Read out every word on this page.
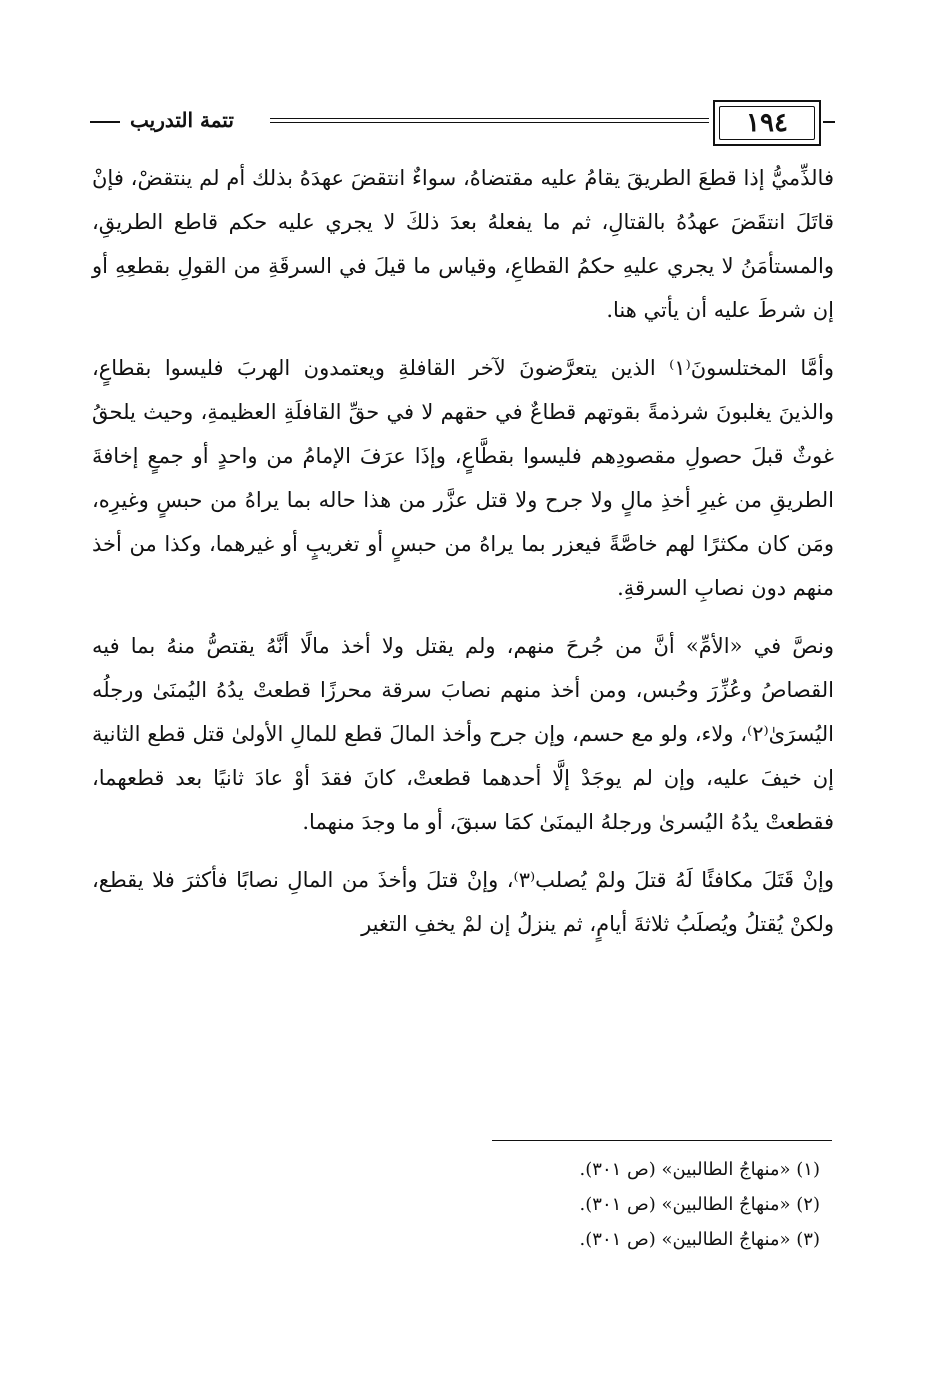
١٩٤
تتمة التدريب

فالذِّميُّ إذا قطعَ الطريقَ يقامُ عليه مقتضاهُ، سواءٌ انتقضَ عهدَهُ بذلك أم لم ينتقضْ، فإنْ قاتَلَ انتقَضَ عهدُهُ بالقتالِ، ثم ما يفعلهُ بعدَ ذلكَ لا يجري عليه حكم قاطع الطريقِ، والمستأمَنُ لا يجري عليهِ حكمُ القطاعِ، وقياس ما قيلَ في السرقَةِ من القولِ بقطعِهِ أو إن شرطَ عليه أن يأتي هنا.

وأمَّا المختلسونَ⁽١⁾ الذين يتعرَّضونَ لآخر القافلةِ ويعتمدون الهربَ فليسوا بقطاعٍ، والذينَ يغلبونَ شرذمةً بقوتهم قطاعٌ في حقهم لا في حقِّ القافلَةِ العظيمةِ، وحيث يلحقُ غوثٌ قبلَ حصولِ مقصودِهم فليسوا بقطَّاعٍ، وإذَا عرَفَ الإمامُ من واحدٍ أو جمعٍ إخافةَ الطريقِ من غيرِ أخذِ مالٍ ولا جرح ولا قتل عزَّر من هذا حاله بما يراهُ من حبسٍ وغيرِه، ومَن كان مكثرًا لهم خاصَّةً فيعزر بما يراهُ من حبسٍ أو تغريبٍ أو غيرهما، وكذا من أخذ منهم دون نصابِ السرقةِ.

ونصَّ في «الأمِّ» أنَّ من جُرحَ منهم، ولم يقتل ولا أخذ مالًا أنَّهُ يقتصُّ منهُ بما فيه القصاصُ وعُزِّرَ وحُبس، ومن أخذ منهم نصابَ سرقة محرزًا قطعتْ يدُهُ اليُمنَىٰ ورجلُه اليُسرَىٰ⁽٢⁾، ولاء، ولو مع حسم، وإن جرح وأخذ المالَ قطع للمالِ الأولىٰ قتل قطع الثانية إن خيفَ عليه، وإن لم يوجَدْ إلَّا أحدهما قطعتْ، كانَ فقدَ أوْ عادَ ثانيًا بعد قطعهما، فقطعتْ يدُهُ اليُسرىٰ ورجلهُ اليمنَىٰ كمَا سبقَ، أو ما وجدَ منهما.

وإنْ قَتَلَ مكافئًا لَهُ قتلَ ولمْ يُصلب⁽٣⁾، وإنْ قتلَ وأخذَ من المالِ نصابًا فأكثرَ فلا يقطع، ولكنْ يُقتلُ ويُصلَبُ ثلاثةَ أيامٍ، ثم ينزلُ إن لمْ يخفِ التغير

(١) «منهاجُ الطالبين» (ص ٣٠١).
(٢) «منهاجُ الطالبين» (ص ٣٠١).
(٣) «منهاجُ الطالبين» (ص ٣٠١).
